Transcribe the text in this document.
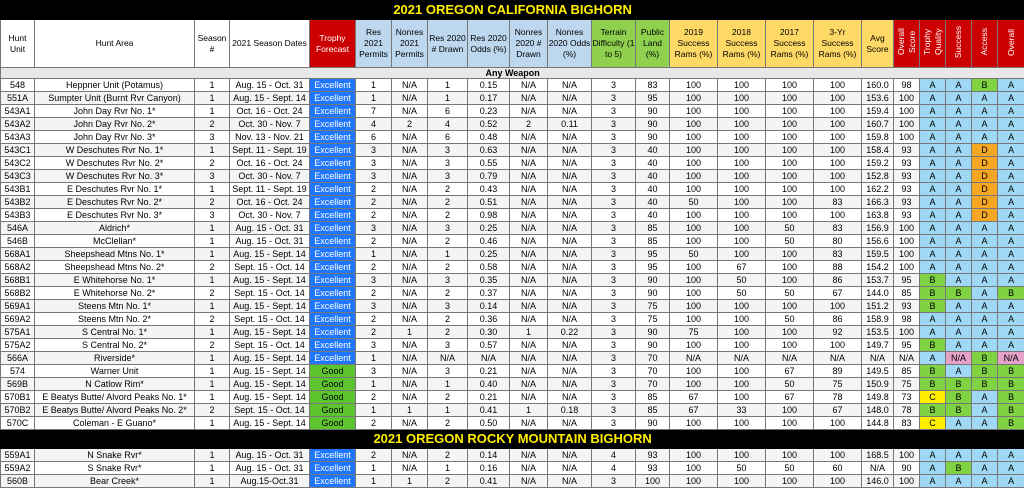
2021 OREGON CALIFORNIA BIGHORN																						
Hunt Unit	Hunt Area	Season #	2021 Season Dates	Trophy Forecast	Res 2021 Permits	Nonres 2021 Permits	Res 2020 # Drawn	Res 2020 Odds (%)	Nonres 2020 # Drawn	Nonres 2020 Odds (%)	Terrain Difficulty (1 to 5)	Public Land (%)	2019 Success Rams (%)	2018 Success Rams (%)	2017 Success Rams (%)	3-Yr Success Rams (%)	Avg Score	Overall Score	Trophy Quality	Success	Access	Overall
Any Weapon																						
548	Heppner Unit (Potamus)	1	Aug. 15 - Oct. 31	Excellent	1	N/A	1	0.15	N/A	N/A	3	83	100	100	100	100	160.0	98	A	A	B	A
551A	Sumpter Unit (Burnt Rvr Canyon)	1	Aug. 15 - Sept. 14	Excellent	1	N/A	1	0.17	N/A	N/A	3	95	100	100	100	100	153.6	100	A	A	A	A
543A1	John Day Rvr No. 1*	1	Oct. 16 - Oct. 24	Excellent	7	N/A	6	0.23	N/A	N/A	3	90	100	100	100	100	159.4	100	A	A	A	A
543A2	John Day Rvr No. 2*	2	Oct. 30 - Nov. 7	Excellent	4	2	4	0.52	2	0.11	3	90	100	100	100	100	160.7	100	A	A	A	A
543A3	John Day Rvr No. 3*	3	Nov. 13 - Nov. 21	Excellent	6	N/A	6	0.48	N/A	N/A	3	90	100	100	100	100	159.8	100	A	A	A	A
543C1	W Deschutes Rvr No. 1*	1	Sept. 11 - Sept. 19	Excellent	3	N/A	3	0.63	N/A	N/A	3	40	100	100	100	100	158.4	93	A	A	D	A
543C2	W Deschutes Rvr No. 2*	2	Oct. 16 - Oct. 24	Excellent	3	N/A	3	0.55	N/A	N/A	3	40	100	100	100	100	159.2	93	A	A	D	A
543C3	W Deschutes Rvr No. 3*	3	Oct. 30 - Nov. 7	Excellent	3	N/A	3	0.79	N/A	N/A	3	40	100	100	100	100	152.8	93	A	A	D	A
543B1	E Deschutes Rvr No. 1*	1	Sept. 11 - Sept. 19	Excellent	2	N/A	2	0.43	N/A	N/A	3	40	100	100	100	100	162.2	93	A	A	D	A
543B2	E Deschutes Rvr No. 2*	2	Oct. 16 - Oct. 24	Excellent	2	N/A	2	0.51	N/A	N/A	3	40	50	100	100	83	166.3	93	A	A	D	A
543B3	E Deschutes Rvr No. 3*	3	Oct. 30 - Nov. 7	Excellent	2	N/A	2	0.98	N/A	N/A	3	40	100	100	100	100	163.8	93	A	A	D	A
546A	Aldrich*	1	Aug. 15 - Oct. 31	Excellent	3	N/A	3	0.25	N/A	N/A	3	85	100	100	50	83	156.9	100	A	A	A	A
546B	McClellan*	1	Aug. 15 - Oct. 31	Excellent	2	N/A	2	0.46	N/A	N/A	3	85	100	100	50	80	156.6	100	A	A	A	A
568A1	Sheepshead Mtns No. 1*	1	Aug. 15 - Sept. 14	Excellent	1	N/A	1	0.25	N/A	N/A	3	95	50	100	100	83	159.5	100	A	A	A	A
568A2	Sheepshead Mtns No. 2*	2	Sept. 15 - Oct. 14	Excellent	2	N/A	2	0.58	N/A	N/A	3	95	100	67	100	88	154.2	100	A	A	A	A
568B1	E Whitehorse No. 1*	1	Aug. 15 - Sept. 14	Excellent	3	N/A	3	0.35	N/A	N/A	3	90	100	50	100	86	153.7	95	B	A	A	A
568B2	E Whitehorse No. 2*	2	Sept. 15 - Oct. 14	Excellent	2	N/A	2	0.37	N/A	N/A	3	90	100	50	50	67	144.0	85	B	B	A	B
569A1	Steens Mtn No. 1*	1	Aug. 15 - Sept. 14	Excellent	3	N/A	3	0.14	N/A	N/A	3	75	100	100	100	100	151.2	93	B	A	A	A
569A2	Steens Mtn No. 2*	2	Sept. 15 - Oct. 14	Excellent	2	N/A	2	0.36	N/A	N/A	3	75	100	100	50	86	158.9	98	A	A	A	A
575A1	S Central No. 1*	1	Aug. 15 - Sept. 14	Excellent	2	1	2	0.30	1	0.22	3	90	75	100	100	92	153.5	100	A	A	A	A
575A2	S Central No. 2*	2	Sept. 15 - Oct. 14	Excellent	3	N/A	3	0.57	N/A	N/A	3	90	100	100	100	100	149.7	95	B	A	A	A
566A	Riverside*	1	Aug. 15 - Sept. 14	Excellent	1	N/A	N/A	N/A	N/A	N/A	3	70	N/A	N/A	N/A	N/A	N/A	N/A	A	N/A	B	N/A
574	Warner Unit	1	Aug. 15 - Sept. 14	Good	3	N/A	3	0.21	N/A	N/A	3	70	100	100	67	89	149.5	85	B	A	B	B
569B	N Catlow Rim*	1	Aug. 15 - Sept. 14	Good	1	N/A	1	0.40	N/A	N/A	3	70	100	100	50	75	150.9	75	B	B	B	B
570B1	E Beatys Butte/ Alvord Peaks No. 1*	1	Aug. 15 - Sept. 14	Good	2	N/A	2	0.21	N/A	N/A	3	85	67	100	67	78	149.8	73	C	B	A	B
570B2	E Beatys Butte/ Alvord Peaks No. 2*	2	Sept. 15 - Oct. 14	Good	1	1	1	0.41	1	0.18	3	85	67	33	100	67	148.0	78	B	B	A	B
570C	Coleman - E Guano*	1	Aug. 15 - Sept. 14	Good	2	N/A	2	0.50	N/A	N/A	3	90	100	100	100	100	144.8	83	C	A	A	B
2021 OREGON ROCKY MOUNTAIN BIGHORN																						
559A1	N Snake Rvr*	1	Aug. 15 - Oct. 31	Excellent	2	N/A	2	0.14	N/A	N/A	4	93	100	100	100	100	168.5	100	A	A	A	A
559A2	S Snake Rvr*	1	Aug. 15 - Oct. 31	Excellent	1	N/A	1	0.16	N/A	N/A	4	93	100	50	50	60	N/A	90	A	B	A	A
560B	Bear Creek*	1	Aug.15-Oct.31	Excellent	1	1	2	0.41	N/A	N/A	3	100	100	100	100	100	146.0	100	A	A	A	A
